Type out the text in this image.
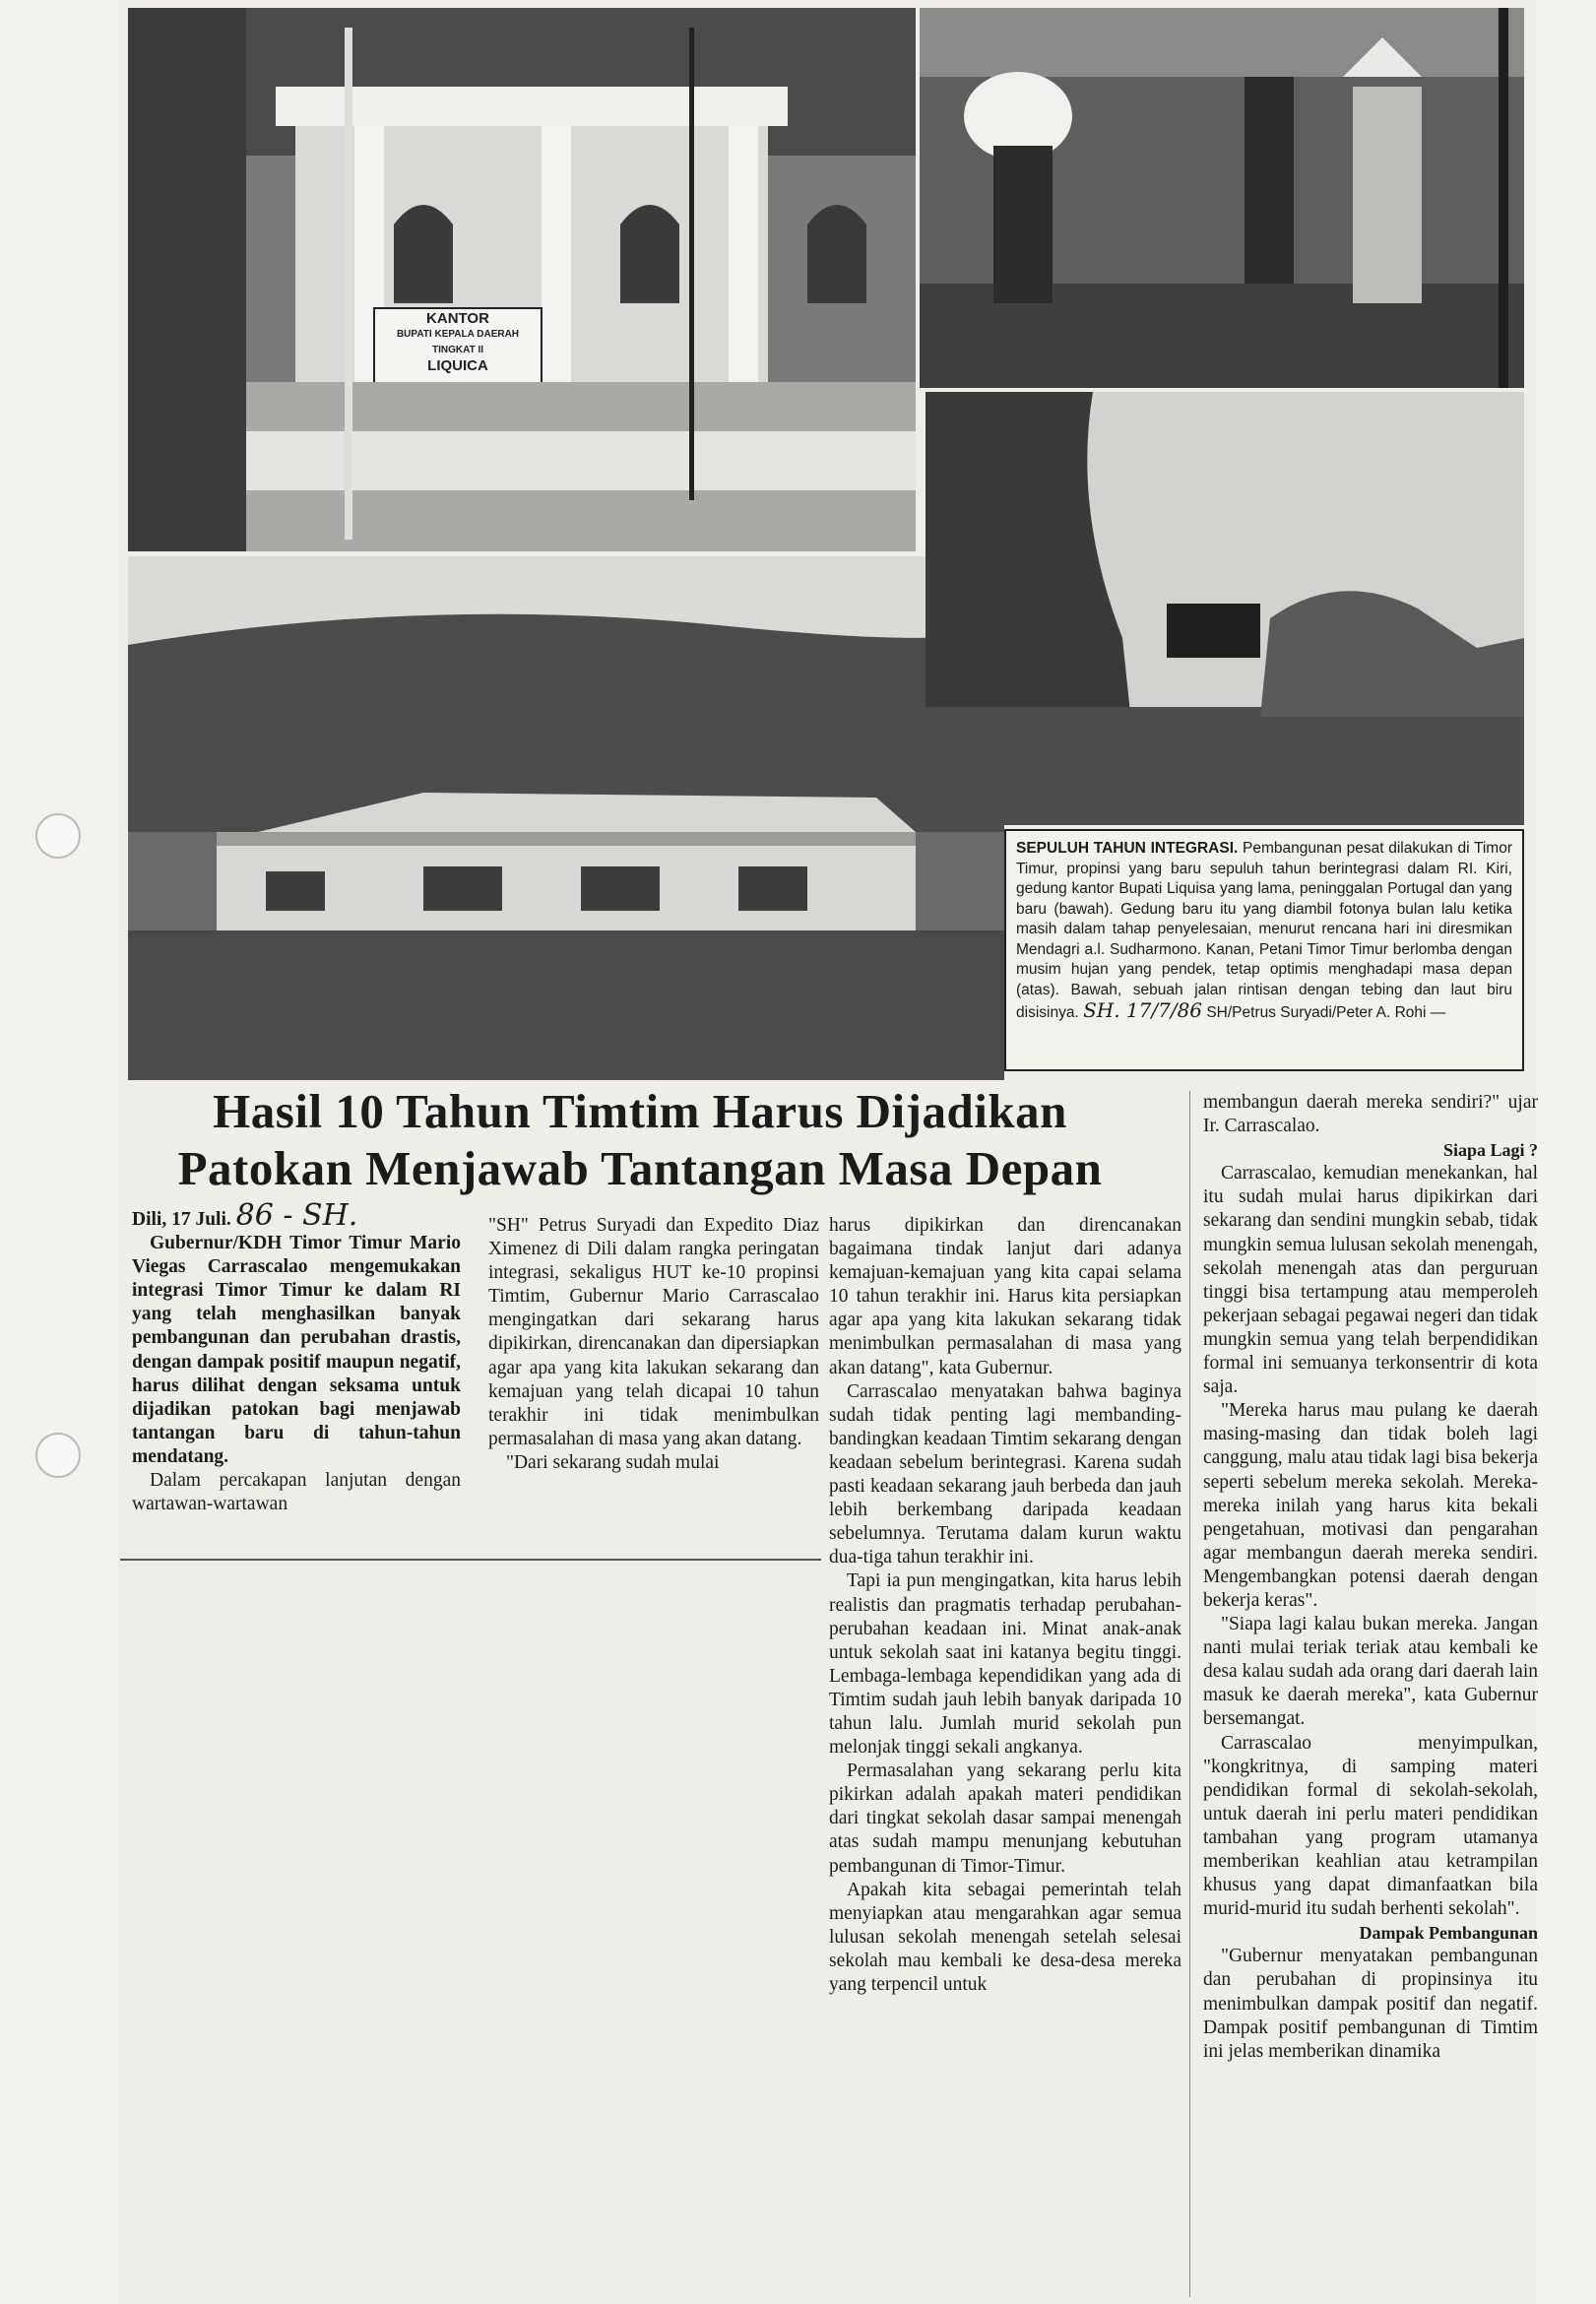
KANTOR
BUPATI KEPALA DAERAH
TINGKAT II
LIQUICA
SEPULUH TAHUN INTEGRASI. Pembangunan pesat dilakukan di Timor Timur, propinsi yang baru sepuluh tahun berintegrasi dalam RI. Kiri, gedung kantor Bupati Liquisa yang lama, peninggalan Portugal dan yang baru (bawah). Gedung baru itu yang diambil fotonya bulan lalu ketika masih dalam tahap penyelesaian, menurut rencana hari ini diresmikan Mendagri a.l. Sudharmono. Kanan, Petani Timor Timur berlomba dengan musim hujan yang pendek, tetap optimis menghadapi masa depan (atas). Bawah, sebuah jalan rintisan dengan tebing dan laut biru disisinya. SH. 17/7/86 SH/Petrus Suryadi/Peter A. Rohi —
Hasil 10 Tahun Timtim Harus Dijadikan
Patokan Menjawab Tantangan Masa Depan

Dili, 17 Juli. 86 - SH.

Gubernur/KDH Timor Timur Mario Viegas Carrascalao mengemukakan integrasi Timor Timur ke dalam RI yang telah menghasilkan banyak pembangunan dan perubahan drastis, dengan dampak positif maupun negatif, harus dilihat dengan seksama untuk dijadikan patokan bagi menjawab tantangan baru di tahun-tahun mendatang.

Dalam percakapan lanjutan dengan wartawan-wartawan

"SH" Petrus Suryadi dan Expedito Diaz Ximenez di Dili dalam rangka peringatan integrasi, sekaligus HUT ke-10 propinsi Timtim, Gubernur Mario Carrascalao mengingatkan dari sekarang harus dipikirkan, direncanakan dan dipersiapkan agar apa yang kita lakukan sekarang dan kemajuan yang telah dicapai 10 tahun terakhir ini tidak menimbulkan permasalahan di masa yang akan datang.

"Dari sekarang sudah mulai

harus dipikirkan dan direncanakan bagaimana tindak lanjut dari adanya kemajuan-kemajuan yang kita capai selama 10 tahun terakhir ini. Harus kita persiapkan agar apa yang kita lakukan sekarang tidak menimbulkan permasalahan di masa yang akan datang", kata Gubernur.

Carrascalao menyatakan bahwa baginya sudah tidak penting lagi membanding-bandingkan keadaan Timtim sekarang dengan keadaan sebelum berintegrasi. Karena sudah pasti keadaan sekarang jauh berbeda dan jauh lebih berkembang daripada keadaan sebelumnya. Terutama dalam kurun waktu dua-tiga tahun terakhir ini.

Tapi ia pun mengingatkan, kita harus lebih realistis dan pragmatis terhadap perubahan-perubahan keadaan ini. Minat anak-anak untuk sekolah saat ini katanya begitu tinggi. Lembaga-lembaga kependidikan yang ada di Timtim sudah jauh lebih banyak daripada 10 tahun lalu. Jumlah murid sekolah pun melonjak tinggi sekali angkanya.

Permasalahan yang sekarang perlu kita pikirkan adalah apakah materi pendidikan dari tingkat sekolah dasar sampai menengah atas sudah mampu menunjang kebutuhan pembangunan di Timor-Timur.

Apakah kita sebagai pemerintah telah menyiapkan atau mengarahkan agar semua lulusan sekolah menengah setelah selesai sekolah mau kembali ke desa-desa mereka yang terpencil untuk

membangun daerah mereka sendiri?" ujar Ir. Carrascalao.

Siapa Lagi ?

Carrascalao, kemudian menekankan, hal itu sudah mulai harus dipikirkan dari sekarang dan sendini mungkin sebab, tidak mungkin semua lulusan sekolah menengah, sekolah menengah atas dan perguruan tinggi bisa tertampung atau memperoleh pekerjaan sebagai pegawai negeri dan tidak mungkin semua yang telah berpendidikan formal ini semuanya terkonsentrir di kota saja.

"Mereka harus mau pulang ke daerah masing-masing dan tidak boleh lagi canggung, malu atau tidak lagi bisa bekerja seperti sebelum mereka sekolah. Mereka-mereka inilah yang harus kita bekali pengetahuan, motivasi dan pengarahan agar membangun daerah mereka sendiri. Mengembangkan potensi daerah dengan bekerja keras".

"Siapa lagi kalau bukan mereka. Jangan nanti mulai teriak teriak atau kembali ke desa kalau sudah ada orang dari daerah lain masuk ke daerah mereka", kata Gubernur bersemangat.

Carrascalao menyimpulkan, "kongkritnya, di samping materi pendidikan formal di sekolah-sekolah, untuk daerah ini perlu materi pendidikan tambahan yang program utamanya memberikan keahlian atau ketrampilan khusus yang dapat dimanfaatkan bila murid-murid itu sudah berhenti sekolah".

Dampak Pembangunan

"Gubernur menyatakan pembangunan dan perubahan di propinsinya itu menimbulkan dampak positif dan negatif. Dampak positif pembangunan di Timtim ini jelas memberikan dinamika
